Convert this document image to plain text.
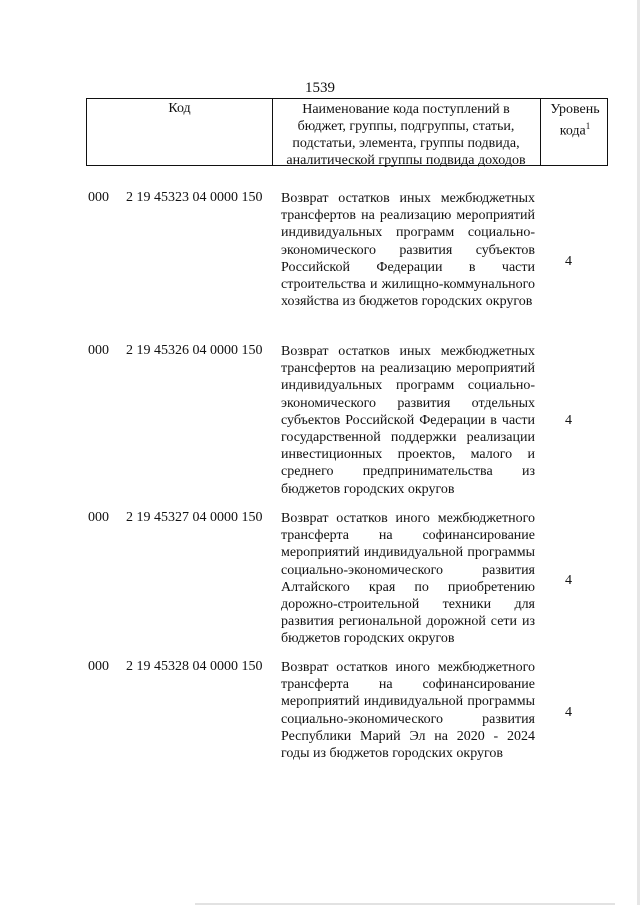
1539
Код	Наименование кода поступлений в
бюджет, группы, подгруппы, статьи,
подстатьи, элемента, группы подвида,
аналитической группы подвида доходов
Уровень
кода$^1$
000 2 19 45323 04 0000 150 Возврат остатков иных межбюджетных трансфертов на реализацию мероприятий индивидуальных программ социально-экономического развития субъектов Российской Федерации в части строительства и жилищно-коммунального хозяйства из бюджетов городских округов
4
000 2 19 45326 04 0000 150 Возврат остатков иных межбюджетных трансфертов на реализацию мероприятий индивидуальных программ социально-экономического развития отдельных субъектов Российской Федерации в части государственной поддержки реализации инвестиционных проектов, малого и среднего предпринимательства из бюджетов городских округов
4
000 2 19 45327 04 0000 150 Возврат остатков иного межбюджетного трансферта на софинансирование мероприятий индивидуальной программы социально-экономического развития Алтайского края по приобретению дорожно-строительной техники для развития региональной дорожной сети из бюджетов городских округов
4
000 2 19 45328 04 0000 150 Возврат остатков иного межбюджетного трансферта на софинансирование мероприятий индивидуальной программы социально-экономического развития Республики Марий Эл на 2020 - 2024 годы из бюджетов городских округов
4
